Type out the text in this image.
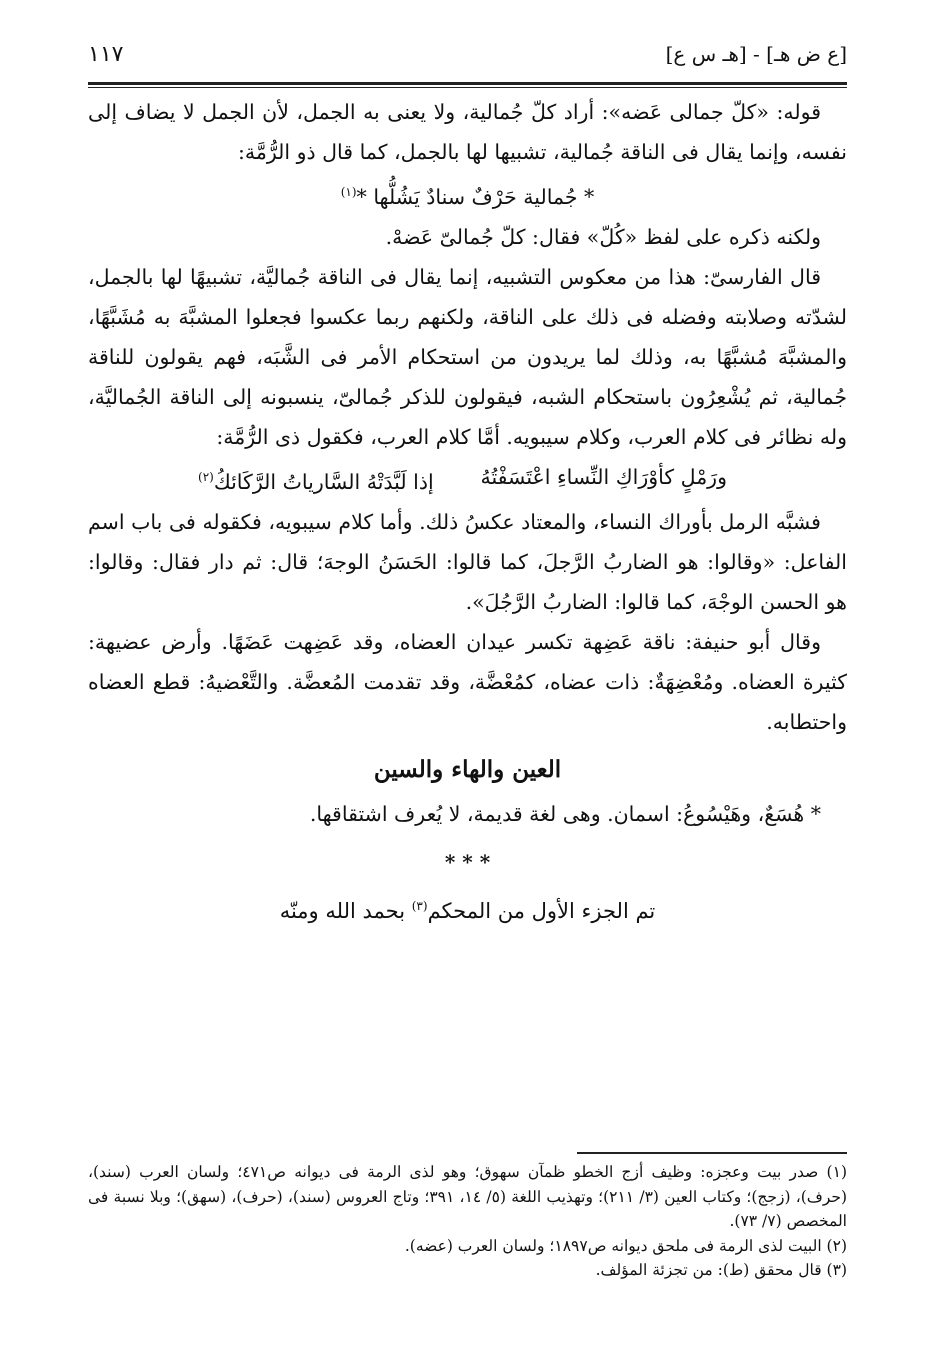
[ع ض هـ] - [هـ س ع]
١١٧

قوله: «كلّ جمالى عَضه»: أراد كلّ جُمالية، ولا يعنى به الجمل، لأن الجمل لا يضاف إلى نفسه، وإنما يقال فى الناقة جُمالية، تشبيها لها بالجمل، كما قال ذو الرُّمَّة:

* جُمالية حَرْفٌ سنادٌ يَشُلُّها *$^{(١)}$

ولكنه ذكره على لفظ «كُلّ» فقال: كلّ جُمالىّ عَضهْ.

قال الفارسىّ: هذا من معكوس التشبيه، إنما يقال فى الناقة جُماليَّة، تشبيهًا لها بالجمل، لشدّته وصلابته وفضله فى ذلك على الناقة، ولكنهم ربما عكسوا فجعلوا المشبَّهَ به مُشَبَّهًا، والمشبَّهَ مُشبَّهًا به، وذلك لما يريدون من استحكام الأمر فى الشَّبَه، فهم يقولون للناقة جُمالية، ثم يُشْعِرُون باستحكام الشبه، فيقولون للذكر جُمالىّ، ينسبونه إلى الناقة الجُماليَّة، وله نظائر فى كلام العرب، وكلام سيبويه. أمَّا كلام العرب، فكقول ذى الرُّمَّة:

ورَمْلٍ كأوْرَاكِ النِّساءِ اعْتَسَفْتُهُ
إذا لَبَّدَتْهُ السَّارياتُ الرَّكَائكُ$^{(٢)}$

فشبَّه الرمل بأوراك النساء، والمعتاد عكسُ ذلك. وأما كلام سيبويه، فكقوله فى باب اسم الفاعل: «وقالوا: هو الضاربُ الرَّجلَ، كما قالوا: الحَسَنُ الوجهَ؛ قال: ثم دار فقال: وقالوا: هو الحسن الوجْهَ، كما قالوا: الضاربُ الرَّجُلَ».

وقال أبو حنيفة: ناقة عَضِهة تكسر عيدان العضاه، وقد عَضِهت عَضَهًا. وأرض عضيهة: كثيرة العضاه. ومُعْضِهَةٌ: ذات عضاه، كمُعْضَّة، وقد تقدمت المُعضَّة. والتَّعْضيهُ: قطع العضاه واحتطابه.

العين والهاء والسين

* هُسَعٌ، وهَيْسُوعُ: اسمان. وهى لغة قديمة، لا يُعرف اشتقاقها.

* * *
تم الجزء الأول من المحكم$^{(٣)}$ بحمد الله ومنّه

(١) صدر بيت وعجزه: وظيف أزج الخطو ظمآن سهوق؛ وهو لذى الرمة فى ديوانه ص٤٧١؛ ولسان العرب (سند)، (حرف)، (زجج)؛ وكتاب العين (٣/ ٢١١)؛ وتهذيب اللغة (٥/ ١٤، ٣٩١؛ وتاج العروس (سند)، (حرف)، (سهق)؛ وبلا نسبة فى المخصص (٧/ ٧٣).

(٢) البيت لذى الرمة فى ملحق ديوانه ص١٨٩٧؛ ولسان العرب (عضه).

(٣) قال محقق (ط): من تجزئة المؤلف.
